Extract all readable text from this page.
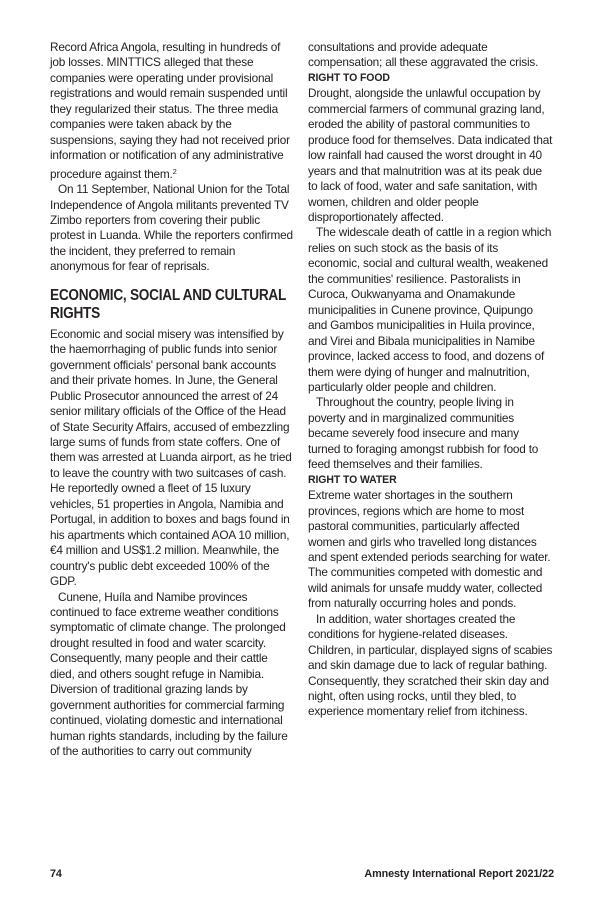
Record Africa Angola, resulting in hundreds of job losses. MINTTICS alleged that these companies were operating under provisional registrations and would remain suspended until they regularized their status. The three media companies were taken aback by the suspensions, saying they had not received prior information or notification of any administrative procedure against them.$^2$

On 11 September, National Union for the Total Independence of Angola militants prevented TV Zimbo reporters from covering their public protest in Luanda. While the reporters confirmed the incident, they preferred to remain anonymous for fear of reprisals.

ECONOMIC, SOCIAL AND CULTURAL RIGHTS

Economic and social misery was intensified by the haemorrhaging of public funds into senior government officials' personal bank accounts and their private homes. In June, the General Public Prosecutor announced the arrest of 24 senior military officials of the Office of the Head of State Security Affairs, accused of embezzling large sums of funds from state coffers. One of them was arrested at Luanda airport, as he tried to leave the country with two suitcases of cash. He reportedly owned a fleet of 15 luxury vehicles, 51 properties in Angola, Namibia and Portugal, in addition to boxes and bags found in his apartments which contained AOA 10 million, €4 million and US$1.2 million. Meanwhile, the country's public debt exceeded 100% of the GDP.

Cunene, Huíla and Namibe provinces continued to face extreme weather conditions symptomatic of climate change. The prolonged drought resulted in food and water scarcity. Consequently, many people and their cattle died, and others sought refuge in Namibia. Diversion of traditional grazing lands by government authorities for commercial farming continued, violating domestic and international human rights standards, including by the failure of the authorities to carry out community

consultations and provide adequate compensation; all these aggravated the crisis.

RIGHT TO FOOD

Drought, alongside the unlawful occupation by commercial farmers of communal grazing land, eroded the ability of pastoral communities to produce food for themselves. Data indicated that low rainfall had caused the worst drought in 40 years and that malnutrition was at its peak due to lack of food, water and safe sanitation, with women, children and older people disproportionately affected.

The widescale death of cattle in a region which relies on such stock as the basis of its economic, social and cultural wealth, weakened the communities' resilience. Pastoralists in Curoca, Oukwanyama and Onamakunde municipalities in Cunene province, Quipungo and Gambos municipalities in Huila province, and Virei and Bibala municipalities in Namibe province, lacked access to food, and dozens of them were dying of hunger and malnutrition, particularly older people and children.

Throughout the country, people living in poverty and in marginalized communities became severely food insecure and many turned to foraging amongst rubbish for food to feed themselves and their families.

RIGHT TO WATER

Extreme water shortages in the southern provinces, regions which are home to most pastoral communities, particularly affected women and girls who travelled long distances and spent extended periods searching for water. The communities competed with domestic and wild animals for unsafe muddy water, collected from naturally occurring holes and ponds.

In addition, water shortages created the conditions for hygiene-related diseases. Children, in particular, displayed signs of scabies and skin damage due to lack of regular bathing. Consequently, they scratched their skin day and night, often using rocks, until they bled, to experience momentary relief from itchiness.

74	Amnesty International Report 2021/22
